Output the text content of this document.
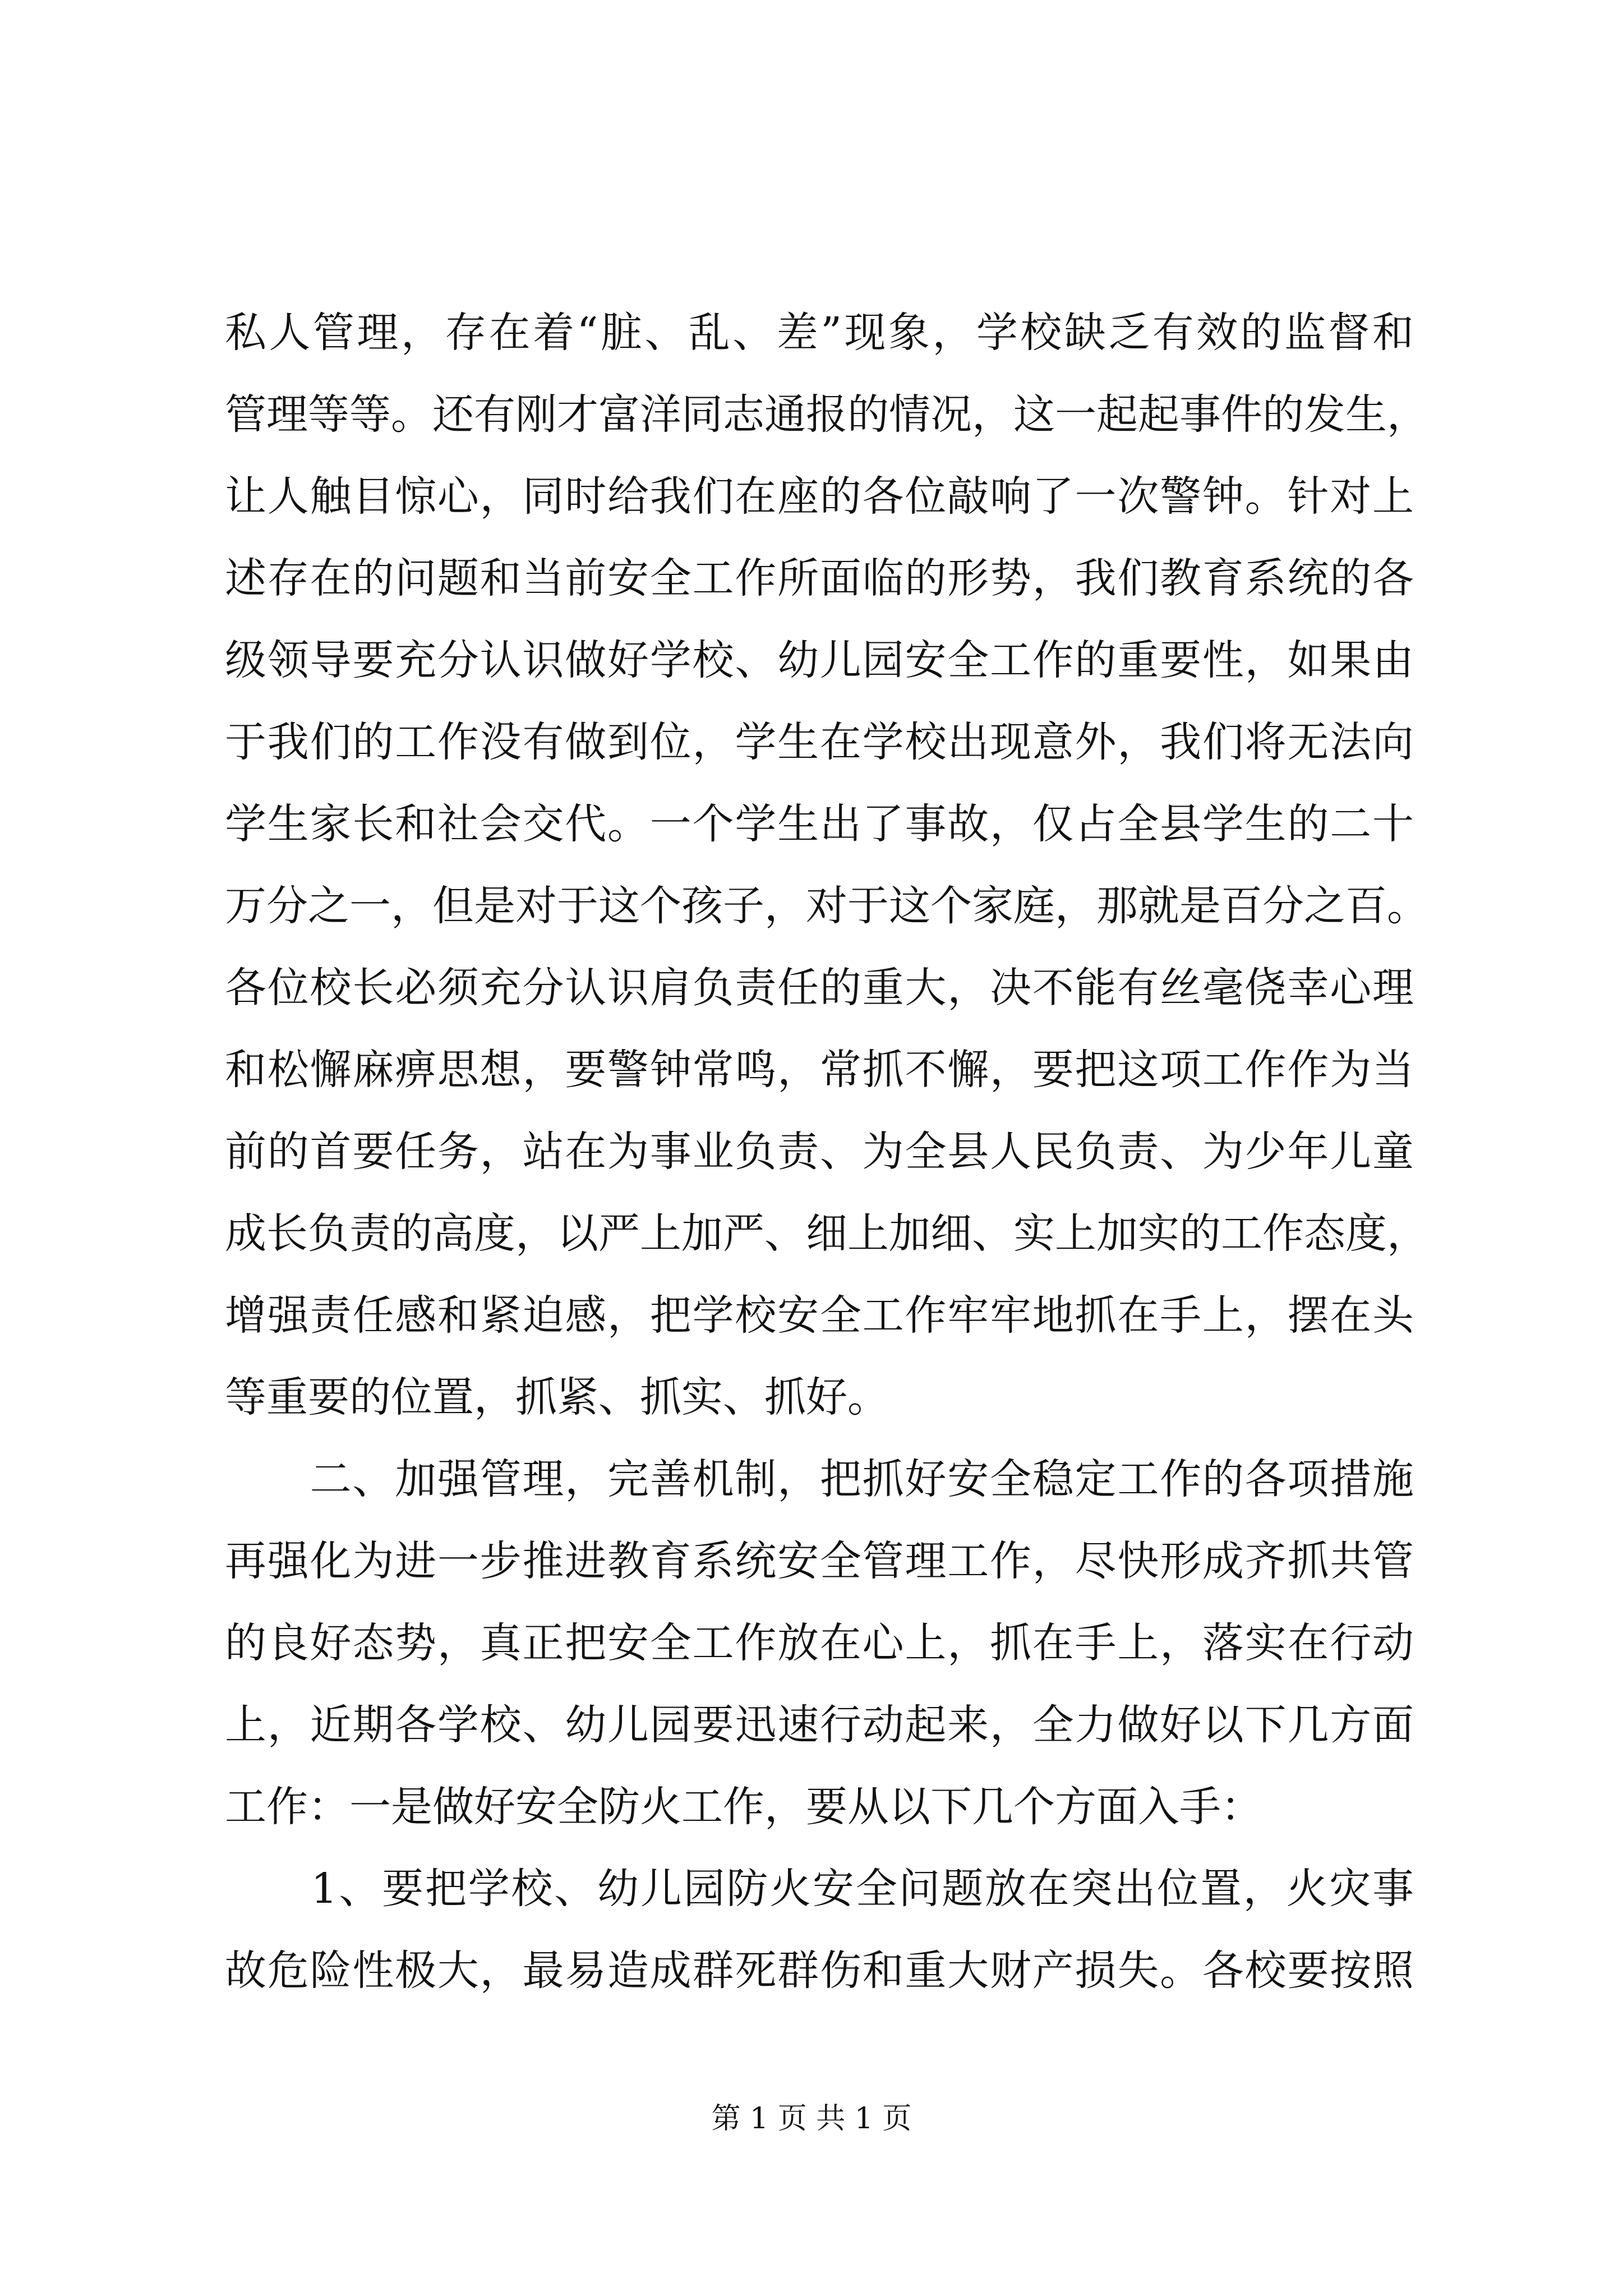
私人管理，存在着“脏、乱、差”现象，学校缺乏有效的监督和
管理等等。还有刚才富洋同志通报的情况，这一起起事件的发生，
让人触目惊心，同时给我们在座的各位敲响了一次警钟。针对上
述存在的问题和当前安全工作所面临的形势，我们教育系统的各
级领导要充分认识做好学校、幼儿园安全工作的重要性，如果由
于我们的工作没有做到位，学生在学校出现意外，我们将无法向
学生家长和社会交代。一个学生出了事故，仅占全县学生的二十
万分之一，但是对于这个孩子，对于这个家庭，那就是百分之百。
各位校长必须充分认识肩负责任的重大，决不能有丝毫侥幸心理
和松懈麻痹思想，要警钟常鸣，常抓不懈，要把这项工作作为当
前的首要任务，站在为事业负责、为全县人民负责、为少年儿童
成长负责的高度，以严上加严、细上加细、实上加实的工作态度，
增强责任感和紧迫感，把学校安全工作牢牢地抓在手上，摆在头
等重要的位置，抓紧、抓实、抓好。
　　二、加强管理，完善机制，把抓好安全稳定工作的各项措施
再强化为进一步推进教育系统安全管理工作，尽快形成齐抓共管
的良好态势，真正把安全工作放在心上，抓在手上，落实在行动
上，近期各学校、幼儿园要迅速行动起来，全力做好以下几方面
工作：一是做好安全防火工作，要从以下几个方面入手：
　　1、要把学校、幼儿园防火安全问题放在突出位置，火灾事
故危险性极大，最易造成群死群伤和重大财产损失。各校要按照
第 1 页 共 1 页
